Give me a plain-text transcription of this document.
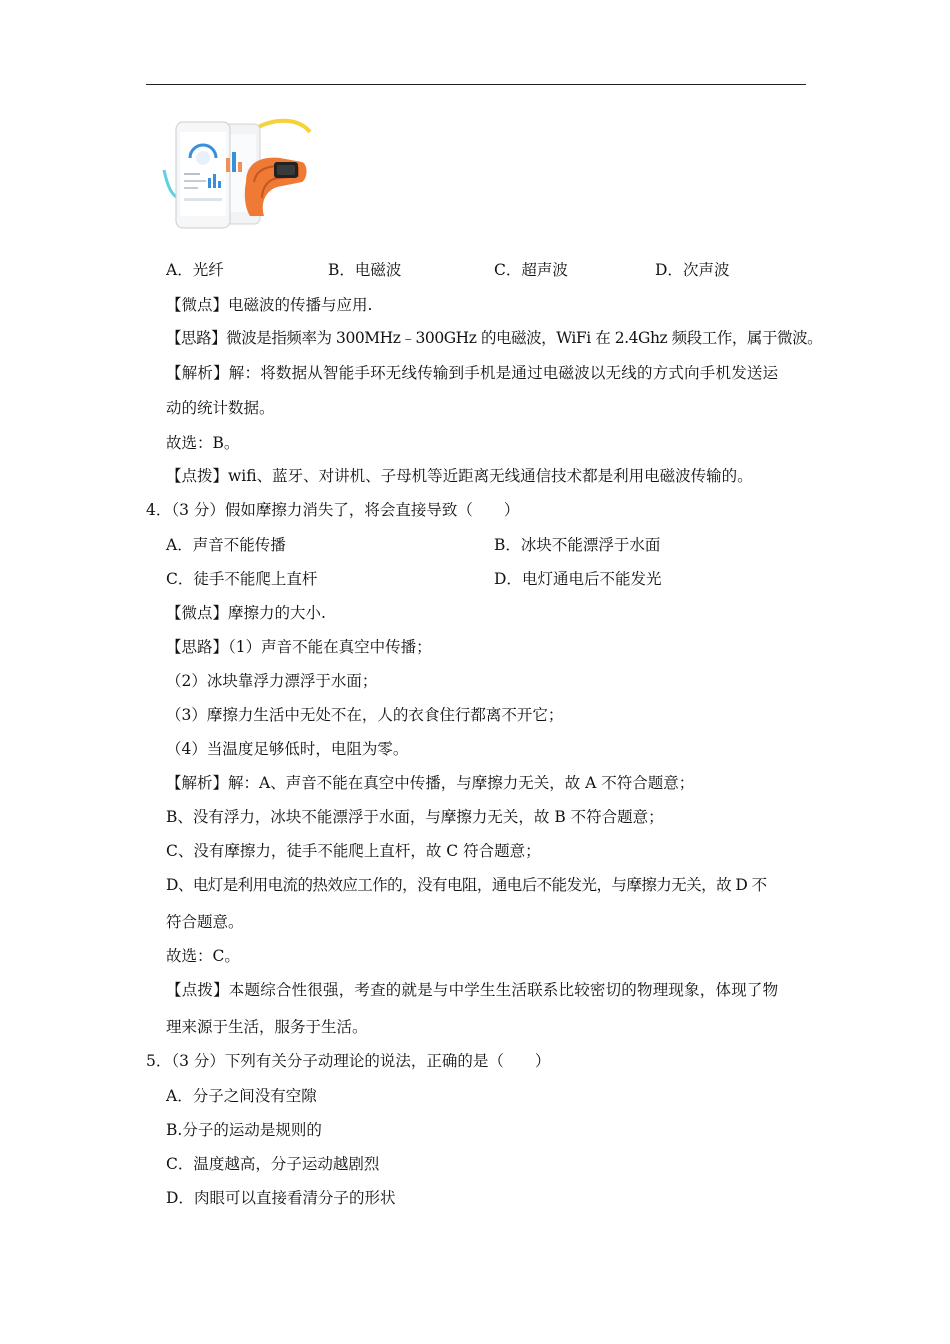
A．光纤	B．电磁波	C．超声波	D．次声波
【微点】电磁波的传播与应用.
【思路】微波是指频率为 300MHz﹣300GHz 的电磁波，WiFi 在 2.4Ghz 频段工作，属于微波。
【解析】解：将数据从智能手环无线传输到手机是通过电磁波以无线的方式向手机发送运
动的统计数据。
故选：B。
【点拨】wifi、蓝牙、对讲机、子母机等近距离无线通信技术都是利用电磁波传输的。
4．（3 分）假如摩擦力消失了，将会直接导致（　　）
A．声音不能传播	B．冰块不能漂浮于水面
C．徒手不能爬上直杆	D．电灯通电后不能发光
【微点】摩擦力的大小.
【思路】（1）声音不能在真空中传播；
（2）冰块靠浮力漂浮于水面；
（3）摩擦力生活中无处不在，人的衣食住行都离不开它；
（4）当温度足够低时，电阻为零。
【解析】解：A、声音不能在真空中传播，与摩擦力无关，故 A 不符合题意；
B、没有浮力，冰块不能漂浮于水面，与摩擦力无关，故 B 不符合题意；
C、没有摩擦力，徒手不能爬上直杆，故 C 符合题意；
D、电灯是利用电流的热效应工作的，没有电阻，通电后不能发光，与摩擦力无关，故 D 不
符合题意。
故选：C。
【点拨】本题综合性很强，考查的就是与中学生生活联系比较密切的物理现象，体现了物
理来源于生活，服务于生活。
5．（3 分）下列有关分子动理论的说法，正确的是（　　）
A．分子之间没有空隙
B.分子的运动是规则的
C．温度越高，分子运动越剧烈
D．肉眼可以直接看清分子的形状
